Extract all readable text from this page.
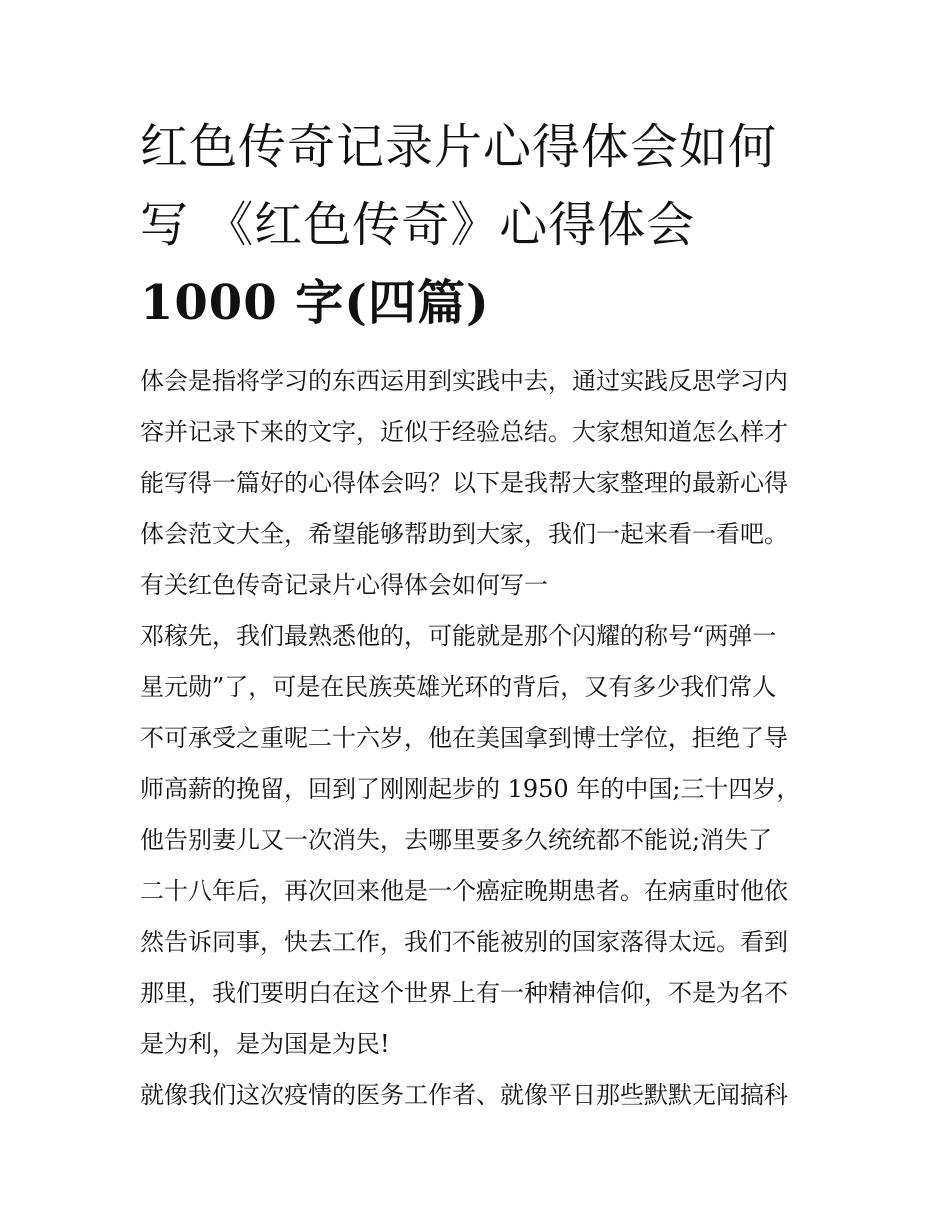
红色传奇记录片心得体会如何
写 《红色传奇》心得体会
1000 字(四篇)
体会是指将学习的东西运用到实践中去，通过实践反思学习内
容并记录下来的文字，近似于经验总结。大家想知道怎么样才
能写得一篇好的心得体会吗？以下是我帮大家整理的最新心得
体会范文大全，希望能够帮助到大家，我们一起来看一看吧。
有关红色传奇记录片心得体会如何写一
邓稼先，我们最熟悉他的，可能就是那个闪耀的称号“两弹一
星元勋”了，可是在民族英雄光环的背后，又有多少我们常人
不可承受之重呢二十六岁，他在美国拿到博士学位，拒绝了导
师高薪的挽留，回到了刚刚起步的 1950 年的中国;三十四岁，
他告别妻儿又一次消失，去哪里要多久统统都不能说;消失了
二十八年后，再次回来他是一个癌症晚期患者。在病重时他依
然告诉同事，快去工作，我们不能被别的国家落得太远。看到
那里，我们要明白在这个世界上有一种精神信仰，不是为名不
是为利，是为国是为民!
就像我们这次疫情的医务工作者、就像平日那些默默无闻搞科
